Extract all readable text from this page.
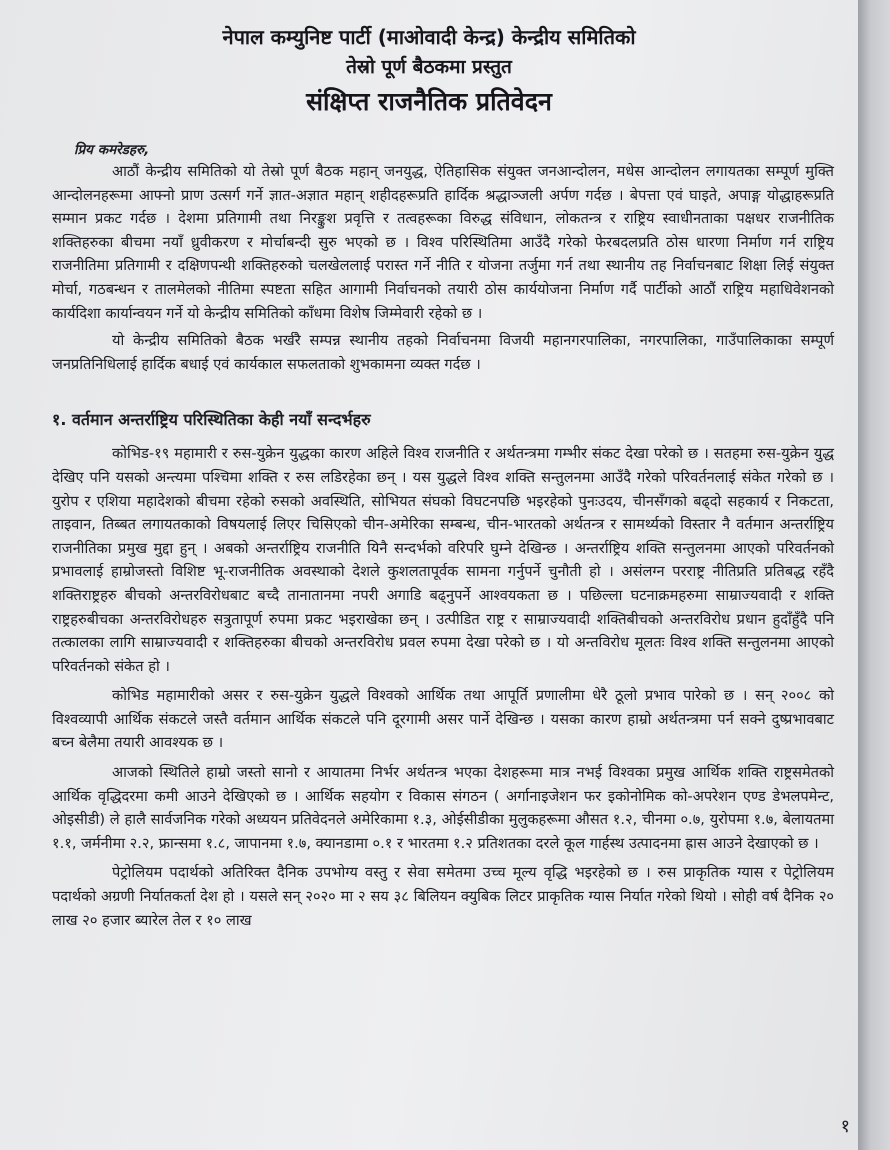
नेपाल कम्युनिष्ट पार्टी (माओवादी केन्द्र) केन्द्रीय समितिको

तेस्रो पूर्ण बैठकमा प्रस्तुत

संक्षिप्त राजनैतिक प्रतिवेदन

प्रिय कमरेडहरु,

आठौं केन्द्रीय समितिको यो तेस्रो पूर्ण बैठक महान् जनयुद्ध, ऐतिहासिक संयुक्त जनआन्दोलन, मधेस आन्दोलन लगायतका सम्पूर्ण मुक्ति आन्दोलनहरूमा आफ्नो प्राण उत्सर्ग गर्ने ज्ञात-अज्ञात महान् शहीदहरूप्रति हार्दिक श्रद्धाञ्जली अर्पण गर्दछ । बेपत्ता एवं घाइते, अपाङ्ग योद्धाहरूप्रति सम्मान प्रकट गर्दछ । देशमा प्रतिगामी तथा निरङ्कुश प्रवृत्ति र तत्वहरूका विरुद्ध संविधान, लोकतन्त्र र राष्ट्रिय स्वाधीनताका पक्षधर राजनीतिक शक्तिहरुका बीचमा नयाँ ध्रुवीकरण र मोर्चाबन्दी सुरु भएको छ । विश्व परिस्थितिमा आउँदै गरेको फेरबदलप्रति ठोस धारणा निर्माण गर्न राष्ट्रिय राजनीतिमा प्रतिगामी र दक्षिणपन्थी शक्तिहरुको चलखेललाई परास्त गर्ने नीति र योजना तर्जुमा गर्न तथा स्थानीय तह निर्वाचनबाट शिक्षा लिई संयुक्त मोर्चा, गठबन्धन र तालमेलको नीतिमा स्पष्टता सहित आगामी निर्वाचनको तयारी ठोस कार्ययोजना निर्माण गर्दै पार्टीको आठौं राष्ट्रिय महाधिवेशनको कार्यदिशा कार्यान्वयन गर्ने यो केन्द्रीय समितिको काँधमा विशेष जिम्मेवारी रहेको छ ।

यो केन्द्रीय समितिको बैठक भर्खरै सम्पन्न स्थानीय तहको निर्वाचनमा विजयी महानगरपालिका, नगरपालिका, गाउँपालिकाका सम्पूर्ण जनप्रतिनिधिलाई हार्दिक बधाई एवं कार्यकाल सफलताको शुभकामना व्यक्त गर्दछ ।

१. वर्तमान अन्तर्राष्ट्रिय परिस्थितिका केही नयाँ सन्दर्भहरु

कोभिड-१९ महामारी र रुस-युक्रेन युद्धका कारण अहिले विश्व राजनीति र अर्थतन्त्रमा गम्भीर संकट देखा परेको छ । सतहमा रुस-युक्रेन युद्ध देखिए पनि यसको अन्त्यमा पश्चिमा शक्ति र रुस लडिरहेका छन् । यस युद्धले विश्व शक्ति सन्तुलनमा आउँदै गरेको परिवर्तनलाई संकेत गरेको छ । युरोप र एशिया महादेशको बीचमा रहेको रुसको अवस्थिति, सोभियत संघको विघटनपछि भइरहेको पुनःउदय, चीनसँगको बढ्दो सहकार्य र निकटता, ताइवान, तिब्बत लगायतकाको विषयलाई लिएर चिसिएको चीन-अमेरिका सम्बन्ध, चीन-भारतको अर्थतन्त्र र सामर्थ्यको विस्तार नै वर्तमान अन्तर्राष्ट्रिय राजनीतिका प्रमुख मुद्दा हुन् । अबको अन्तर्राष्ट्रिय राजनीति यिनै सन्दर्भको वरिपरि घुम्ने देखिन्छ । अन्तर्राष्ट्रिय शक्ति सन्तुलनमा आएको परिवर्तनको प्रभावलाई हाम्रोजस्तो विशिष्ट भू-राजनीतिक अवस्थाको देशले कुशलतापूर्वक सामना गर्नुपर्ने चुनौती हो । असंलग्न परराष्ट्र नीतिप्रति प्रतिबद्ध रहँदै शक्तिराष्ट्रहरु बीचको अन्तरविरोधबाट बच्दै तानातानमा नपरी अगाडि बढ्नुपर्ने आश्वयकता छ । पछिल्ला घटनाक्रमहरुमा साम्राज्यवादी र शक्ति राष्ट्रहरुबीचका अन्तरविरोधहरु सत्रुतापूर्ण रुपमा प्रकट भइराखेका छन् । उत्पीडित राष्ट्र र साम्राज्यवादी शक्तिबीचको अन्तरविरोध प्रधान हुदाँहुँदै पनि तत्कालका लागि साम्राज्यवादी र शक्तिहरुका बीचको अन्तरविरोध प्रवल रुपमा देखा परेको छ । यो अन्तविरोध मूलतः विश्व शक्ति सन्तुलनमा आएको परिवर्तनको संकेत हो ।

कोभिड महामारीको असर र रुस-युक्रेन युद्धले विश्वको आर्थिक तथा आपूर्ति प्रणालीमा धेरै ठूलो प्रभाव पारेको छ । सन् २००८ को विश्वव्यापी आर्थिक संकटले जस्तै वर्तमान आर्थिक संकटले पनि दूरगामी असर पार्ने देखिन्छ । यसका कारण हाम्रो अर्थतन्त्रमा पर्न सक्ने दुष्प्रभावबाट बच्न बेलैमा तयारी आवश्यक छ ।

आजको स्थितिले हाम्रो जस्तो सानो र आयातमा निर्भर अर्थतन्त्र भएका देशहरूमा मात्र नभई विश्वका प्रमुख आर्थिक शक्ति राष्ट्रसमेतको आर्थिक वृद्धिदरमा कमी आउने देखिएको छ । आर्थिक सहयोग र विकास संगठन ( अर्गानाइजेशन फर इकोनोमिक को-अपरेशन एण्ड डेभलपमेन्ट, ओइसीडी) ले हालै सार्वजनिक गरेको अध्ययन प्रतिवेदनले अमेरिकामा १.३, ओईसीडीका मुलुकहरूमा औसत १.२, चीनमा ०.७, युरोपमा १.७, बेलायतमा १.१, जर्मनीमा २.२, फ्रान्समा १.८, जापानमा १.७, क्यानडामा ०.१ र भारतमा १.२ प्रतिशतका दरले कूल गार्हस्थ उत्पादनमा ह्रास आउने देखाएको छ ।

पेट्रोलियम पदार्थको अतिरिक्त दैनिक उपभोग्य वस्तु र सेवा समेतमा उच्च मूल्य वृद्धि भइरहेको छ । रुस प्राकृतिक ग्यास र पेट्रोलियम पदार्थको अग्रणी निर्यातकर्ता देश हो । यसले सन् २०२० मा २ सय ३८ बिलियन क्युबिक लिटर प्राकृतिक ग्यास निर्यात गरेको थियो । सोही वर्ष दैनिक २० लाख २० हजार ब्यारेल तेल र १० लाख

१
